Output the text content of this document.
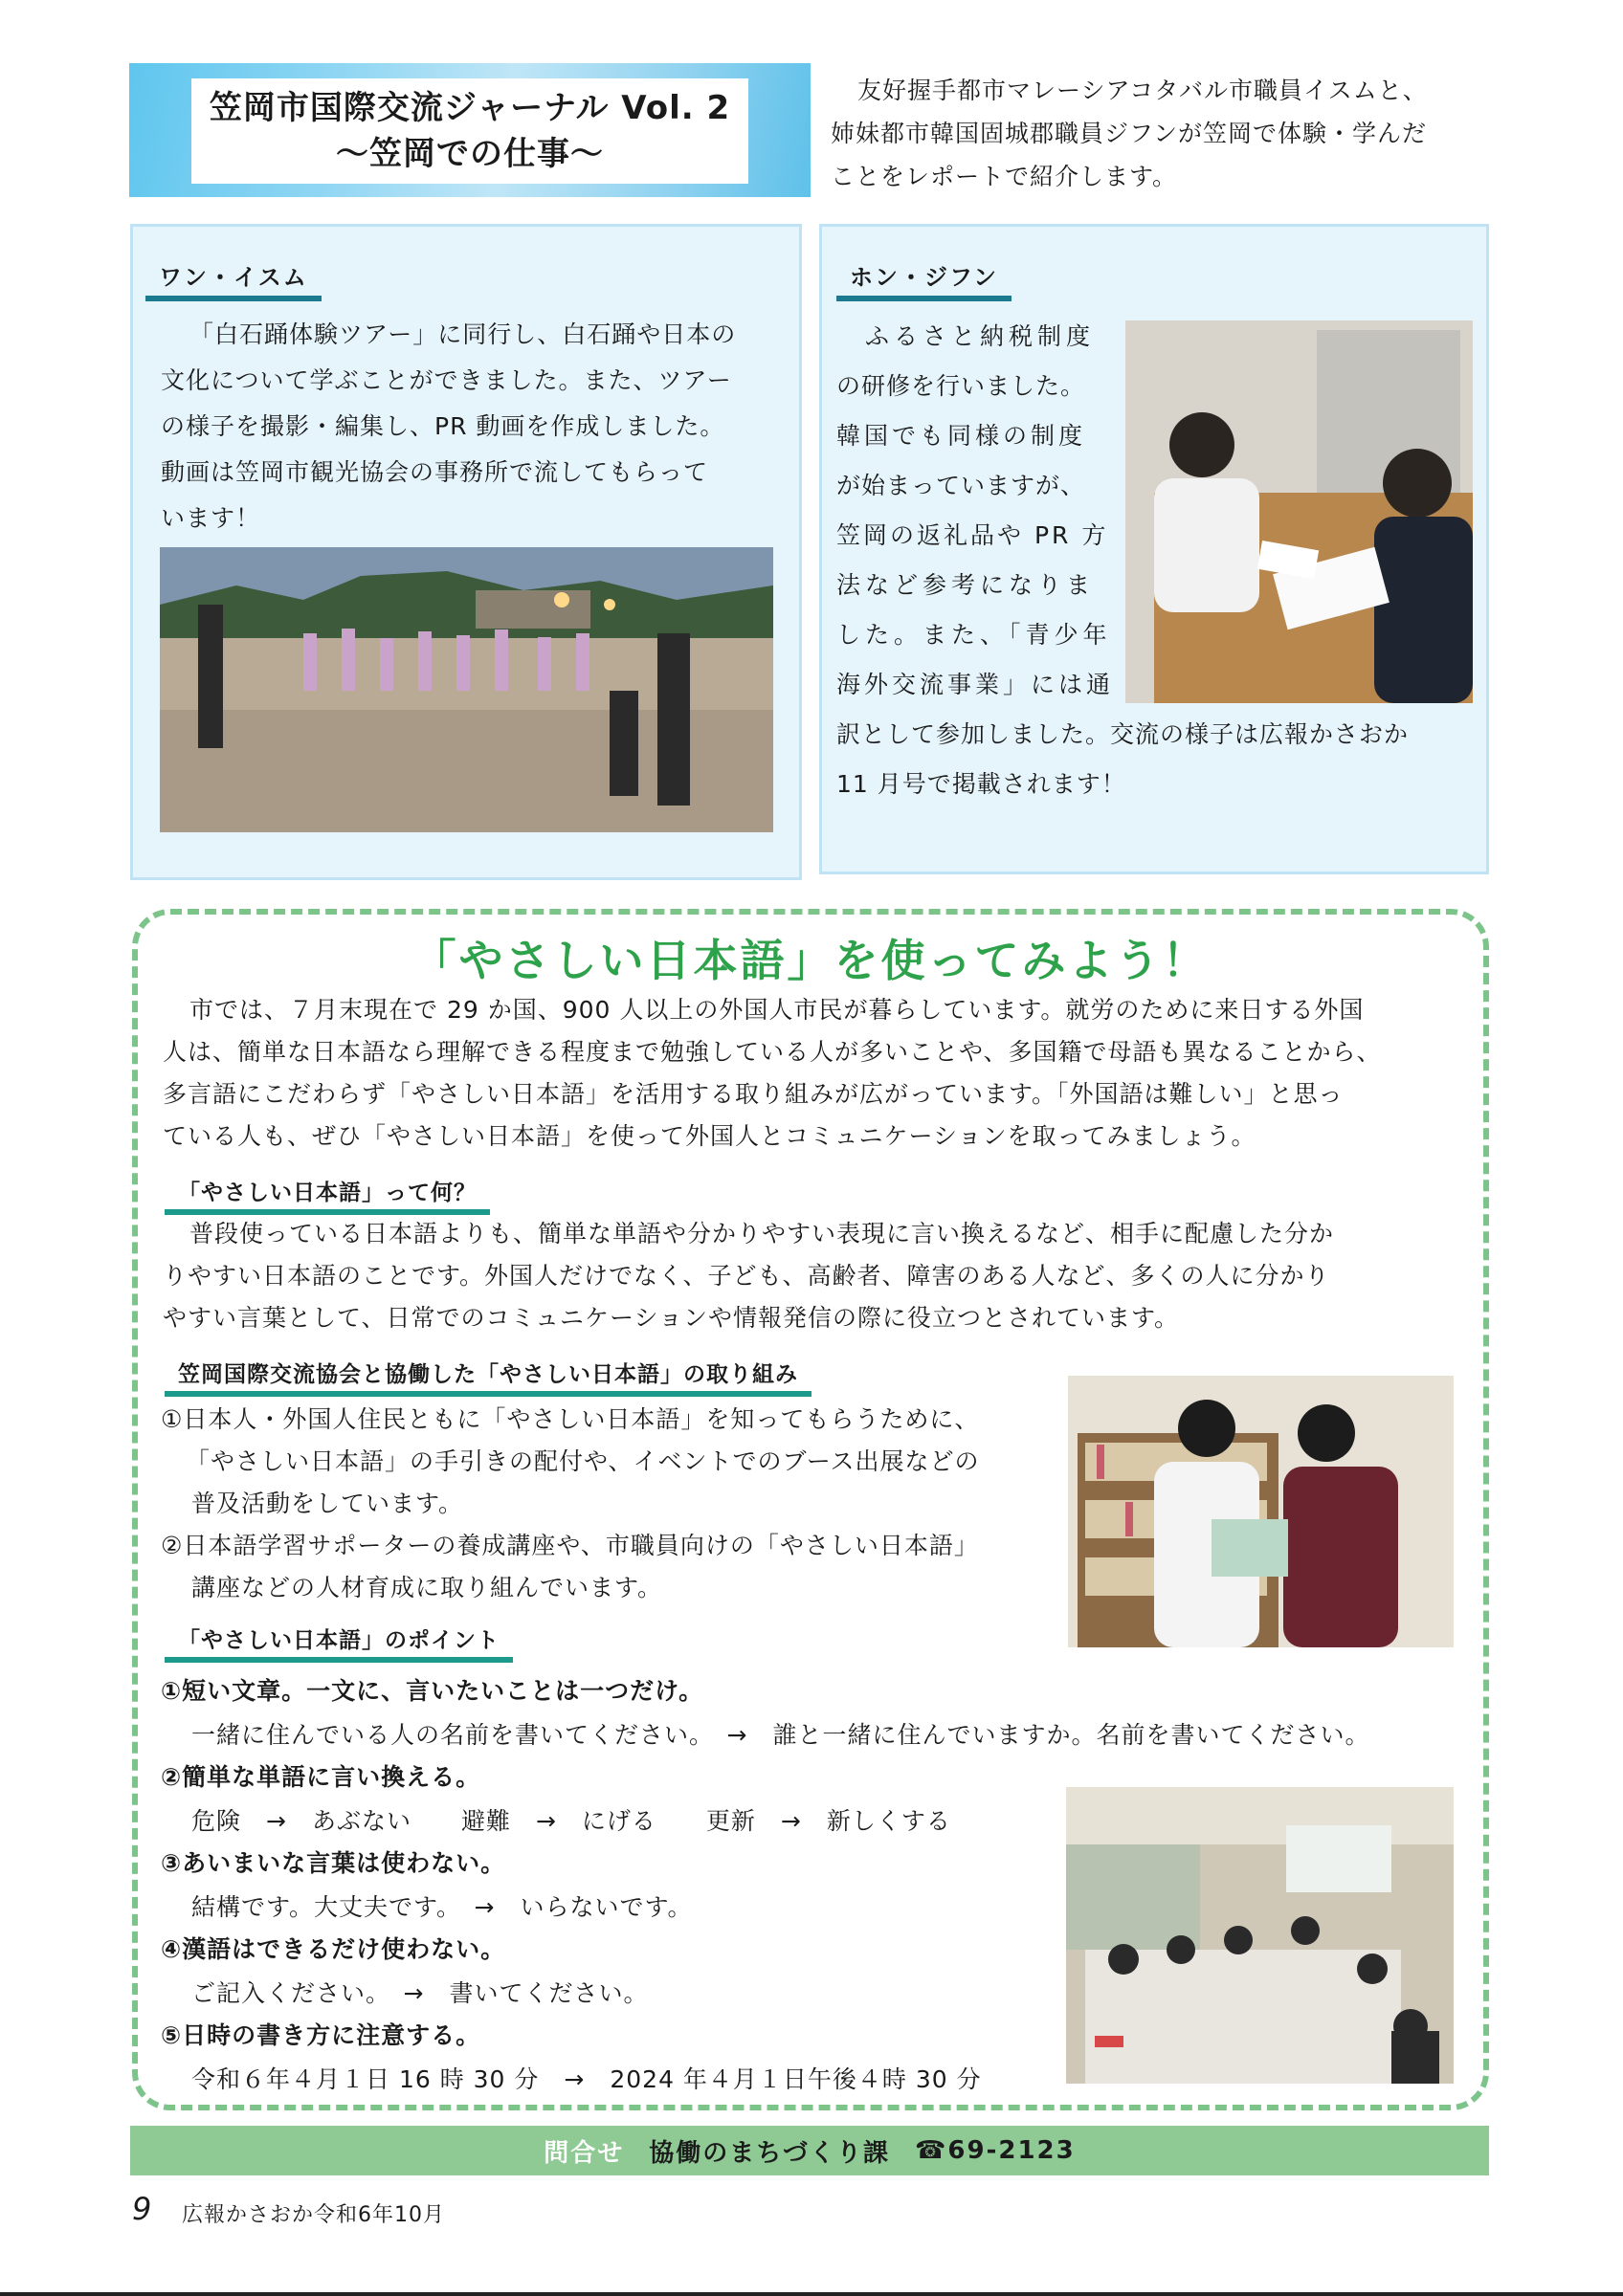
笠岡市国際交流ジャーナル Vol. 2
～笠岡での仕事～
友好握手都市マレーシアコタバル市職員イスムと、
姉妹都市韓国固城郡職員ジフンが笠岡で体験・学んだ
ことをレポートで紹介します。
ワン・イスム
「白石踊体験ツアー」に同行し、白石踊や日本の
文化について学ぶことができました。また、ツアー
の様子を撮影・編集し、PR 動画を作成しました。
動画は笠岡市観光協会の事務所で流してもらって
います！
ホン・ジフン
ふるさと納税制度
の研修を行いました。
韓国でも同様の制度
が始まっていますが、
笠岡の返礼品や PR 方
法など参考になりま
した。また、「青少年
海外交流事業」には通
訳として参加しました。交流の様子は広報かさおか
11 月号で掲載されます！
「やさしい日本語」を使ってみよう！
市では、７月末現在で 29 か国、900 人以上の外国人市民が暮らしています。就労のために来日する外国
人は、簡単な日本語なら理解できる程度まで勉強している人が多いことや、多国籍で母語も異なることから、
多言語にこだわらず「やさしい日本語」を活用する取り組みが広がっています。「外国語は難しい」と思っ
ている人も、ぜひ「やさしい日本語」を使って外国人とコミュニケーションを取ってみましょう。
「やさしい日本語」って何？
普段使っている日本語よりも、簡単な単語や分かりやすい表現に言い換えるなど、相手に配慮した分か
りやすい日本語のことです。外国人だけでなく、子ども、高齢者、障害のある人など、多くの人に分かり
やすい言葉として、日常でのコミュニケーションや情報発信の際に役立つとされています。
笠岡国際交流協会と協働した「やさしい日本語」の取り組み
①日本人・外国人住民ともに「やさしい日本語」を知ってもらうために、
「やさしい日本語」の手引きの配付や、イベントでのブース出展などの
普及活動をしています。
②日本語学習サポーターの養成講座や、市職員向けの「やさしい日本語」
講座などの人材育成に取り組んでいます。
「やさしい日本語」のポイント
①短い文章。一文に、言いたいことは一つだけ。
一緒に住んでいる人の名前を書いてください。　→　誰と一緒に住んでいますか。名前を書いてください。
②簡単な単語に言い換える。
危険　→　あぶない　　避難　→　にげる　　更新　→　新しくする
③あいまいな言葉は使わない。
結構です。大丈夫です。　→　いらないです。
④漢語はできるだけ使わない。
ご記入ください。　→　書いてください。
⑤日時の書き方に注意する。
令和６年４月１日 16 時 30 分　→　2024 年４月１日午後４時 30 分
問合せ 協働のまちづくり課 ☎69-2123
9 広報かさおか令和6年10月
